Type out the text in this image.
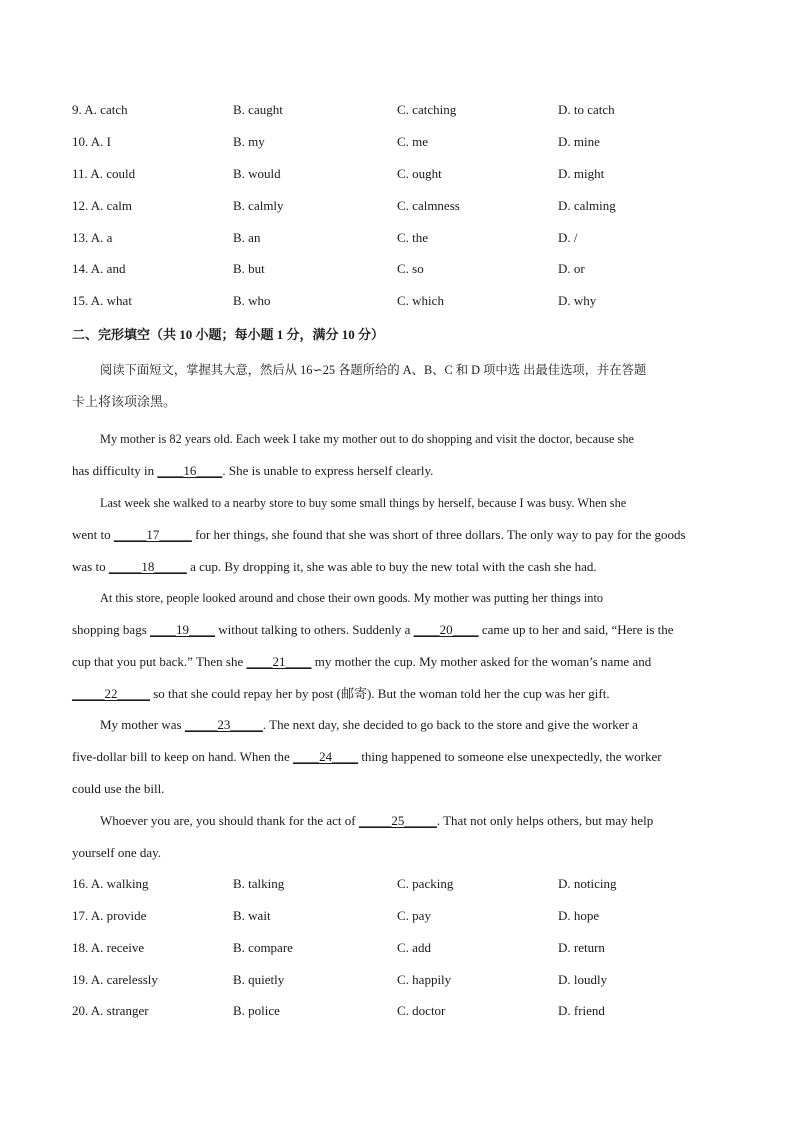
9. A. catch	B. caught	C. catching	D. to catch
10. A. I	B. my	C. me	D. mine
11. A. could	B. would	C. ought	D. might
12. A. calm	B. calmly	C. calmness	D. calming
13. A. a	B. an	C. the	D. /
14. A. and	B. but	C. so	D. or
15. A. what	B. who	C. which	D. why
二、完形填空（共 10 小题；每小题 1 分，满分 10 分）
阅读下面短文，掌握其大意，然后从 16∽25 各题所给的 A、B、C 和 D 项中选 出最佳选项，并在答题
卡上将该项涂黑。
My mother is 82 years old. Each week I take my mother out to do shopping and visit the doctor, because she
has difficulty in ____16____. She is unable to express herself clearly.
Last week she walked to a nearby store to buy some small things by herself, because I was busy. When she
went to _____17_____ for her things, she found that she was short of three dollars. The only way to pay for the goods
was to _____18_____ a cup. By dropping it, she was able to buy the new total with the cash she had.
At this store, people looked around and chose their own goods. My mother was putting her things into
shopping bags ____19____ without talking to others. Suddenly a ____20____ came up to her and said, “Here is the
cup that you put back.” Then she ____21____ my mother the cup. My mother asked for the woman’s name and
_____22_____ so that she could repay her by post (邮寄). But the woman told her the cup was her gift.
My mother was _____23_____. The next day, she decided to go back to the store and give the worker a
five-dollar bill to keep on hand. When the ____24____ thing happened to someone else unexpectedly, the worker
could use the bill.
Whoever you are, you should thank for the act of _____25_____. That not only helps others, but may help
yourself one day.
16. A. walking	B. talking	C. packing	D. noticing
17. A. provide	B. wait	C. pay	D. hope
18. A. receive	B. compare	C. add	D. return
19. A. carelessly	B. quietly	C. happily	D. loudly
20. A. stranger	B. police	C. doctor	D. friend
